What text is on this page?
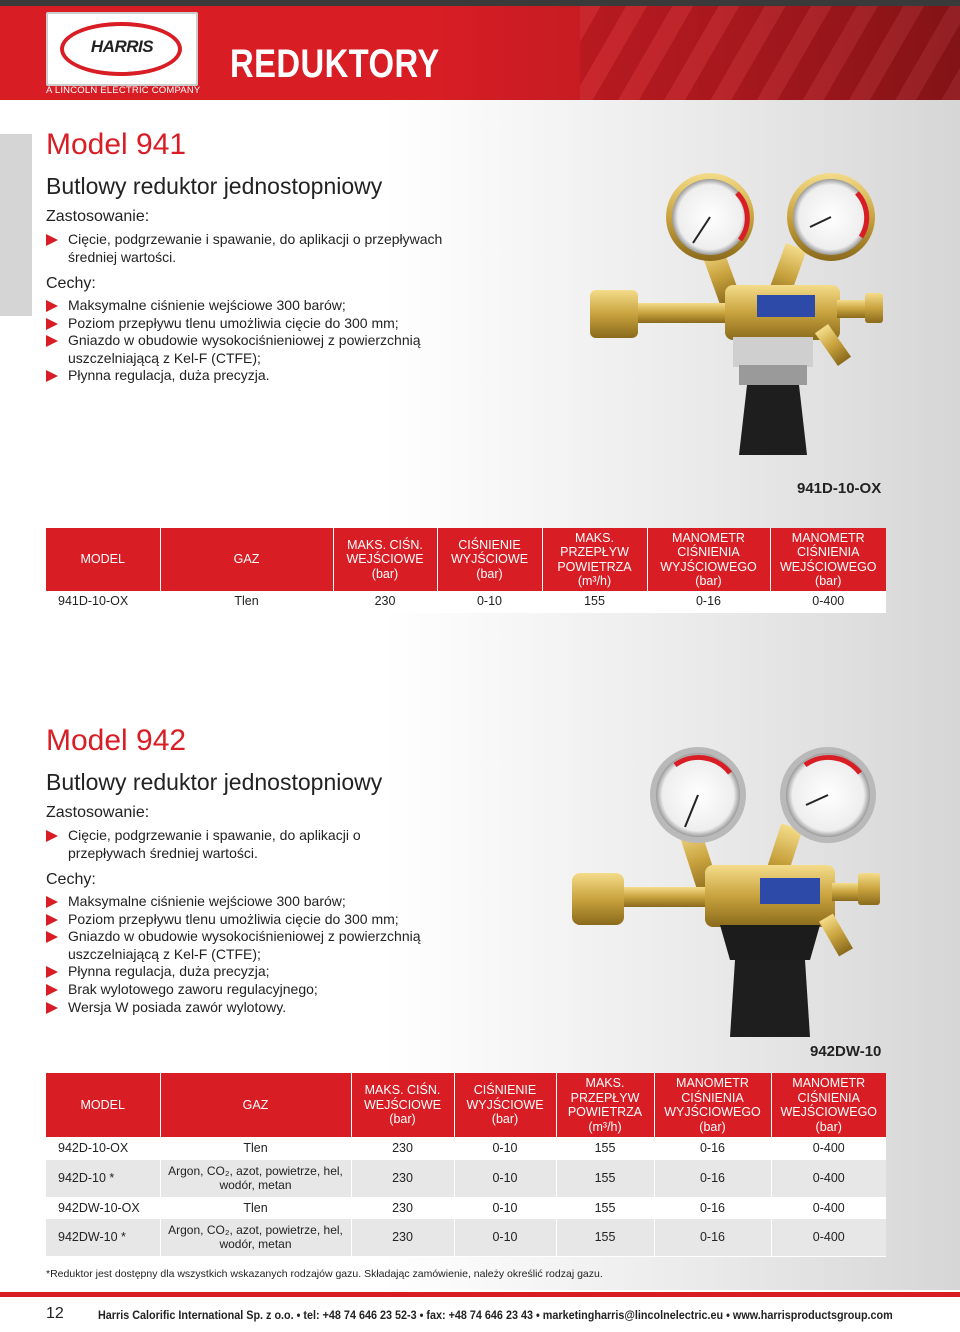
HARRIS
A LINCOLN ELECTRIC COMPANY
REDUKTORY
Model 941
Butlowy reduktor jednostopniowy
Zastosowanie:
Cięcie, podgrzewanie i spawanie, do aplikacji o przepływach średniej wartości.
Cechy:
Maksymalne ciśnienie wejściowe 300 barów;
Poziom przepływu tlenu umożliwia cięcie do 300 mm;
Gniazdo w obudowie wysokociśnieniowej z powierzchnią uszczelniającą z Kel-F (CTFE);
Płynna regulacja, duża precyzja.
941D-10-OX
MODEL	GAZ	MAKS. CIŚN.
WEJŚCIOWE
(bar)	CIŚNIENIE
WYJŚCIOWE
(bar)	MAKS.
PRZEPŁYW
POWIETRZA
(m³/h)	MANOMETR
CIŚNIENIA
WYJŚCIOWEGO
(bar)	MANOMETR
CIŚNIENIA
WEJŚCIOWEGO
(bar)
941D-10-OX	Tlen	230	0-10	155	0-16	0-400
Model 942
Butlowy reduktor jednostopniowy
Zastosowanie:
Cięcie, podgrzewanie i spawanie, do aplikacji o przepływach średniej wartości.
Cechy:
Maksymalne ciśnienie wejściowe 300 barów;
Poziom przepływu tlenu umożliwia cięcie do 300 mm;
Gniazdo w obudowie wysokociśnieniowej z powierzchnią uszczelniającą z Kel-F (CTFE);
Płynna regulacja, duża precyzja;
Brak wylotowego zaworu regulacyjnego;
Wersja W posiada zawór wylotowy.
942DW-10
MODEL	GAZ	MAKS. CIŚN.
WEJŚCIOWE
(bar)	CIŚNIENIE
WYJŚCIOWE
(bar)	MAKS.
PRZEPŁYW
POWIETRZA
(m³/h)	MANOMETR
CIŚNIENIA
WYJŚCIOWEGO
(bar)	MANOMETR
CIŚNIENIA
WEJŚCIOWEGO
(bar)
942D-10-OX	Tlen	230	0-10	155	0-16	0-400
942D-10 *	Argon, CO₂, azot, powietrze, hel, wodór, metan	230	0-10	155	0-16	0-400
942DW-10-OX	Tlen	230	0-10	155	0-16	0-400
942DW-10 *	Argon, CO₂, azot, powietrze, hel, wodór, metan	230	0-10	155	0-16	0-400
*Reduktor jest dostępny dla wszystkich wskazanych rodzajów gazu. Składając zamówienie, należy określić rodzaj gazu.
12	Harris Calorific International Sp. z o.o. • tel: +48 74 646 23 52-3 • fax: +48 74 646 23 43 • marketingharris@lincolnelectric.eu • www.harrisproductsgroup.com
